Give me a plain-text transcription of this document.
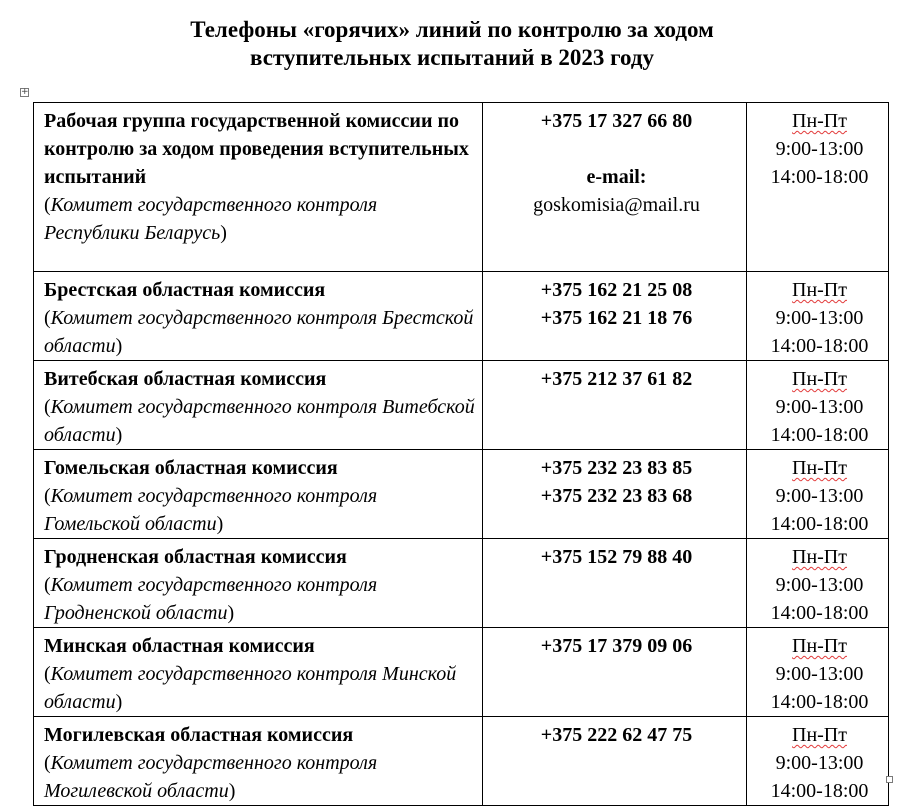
Телефоны «горячих» линий по контролю за ходом
вступительных испытаний в 2023 году
+
Рабочая группа государственной комиссии по контролю за ходом проведения вступительных испытаний
(Комитет государственного контроля Республики Беларусь)	+375 17 327 66 80
e-mail:
goskomisia@mail.ru	Пн-Пт
9:00-13:00
14:00-18:00

Брестская областная комиссия
(Комитет государственного контроля Брестской области)	+375 162 21 25 08
+375 162 21 18 76	Пн-Пт
9:00-13:00
14:00-18:00

Витебская областная комиссия
(Комитет государственного контроля Витебской области)	+375 212 37 61 82	Пн-Пт
9:00-13:00
14:00-18:00

Гомельская областная комиссия
(Комитет государственного контроля Гомельской области)	+375 232 23 83 85
+375 232 23 83 68	Пн-Пт
9:00-13:00
14:00-18:00

Гродненская областная комиссия
(Комитет государственного контроля Гродненской области)	+375 152 79 88 40	Пн-Пт
9:00-13:00
14:00-18:00

Минская областная комиссия
(Комитет государственного контроля Минской области)	+375 17 379 09 06	Пн-Пт
9:00-13:00
14:00-18:00

Могилевская областная комиссия
(Комитет государственного контроля Могилевской области)	+375 222 62 47 75	Пн-Пт
9:00-13:00
14:00-18:00
